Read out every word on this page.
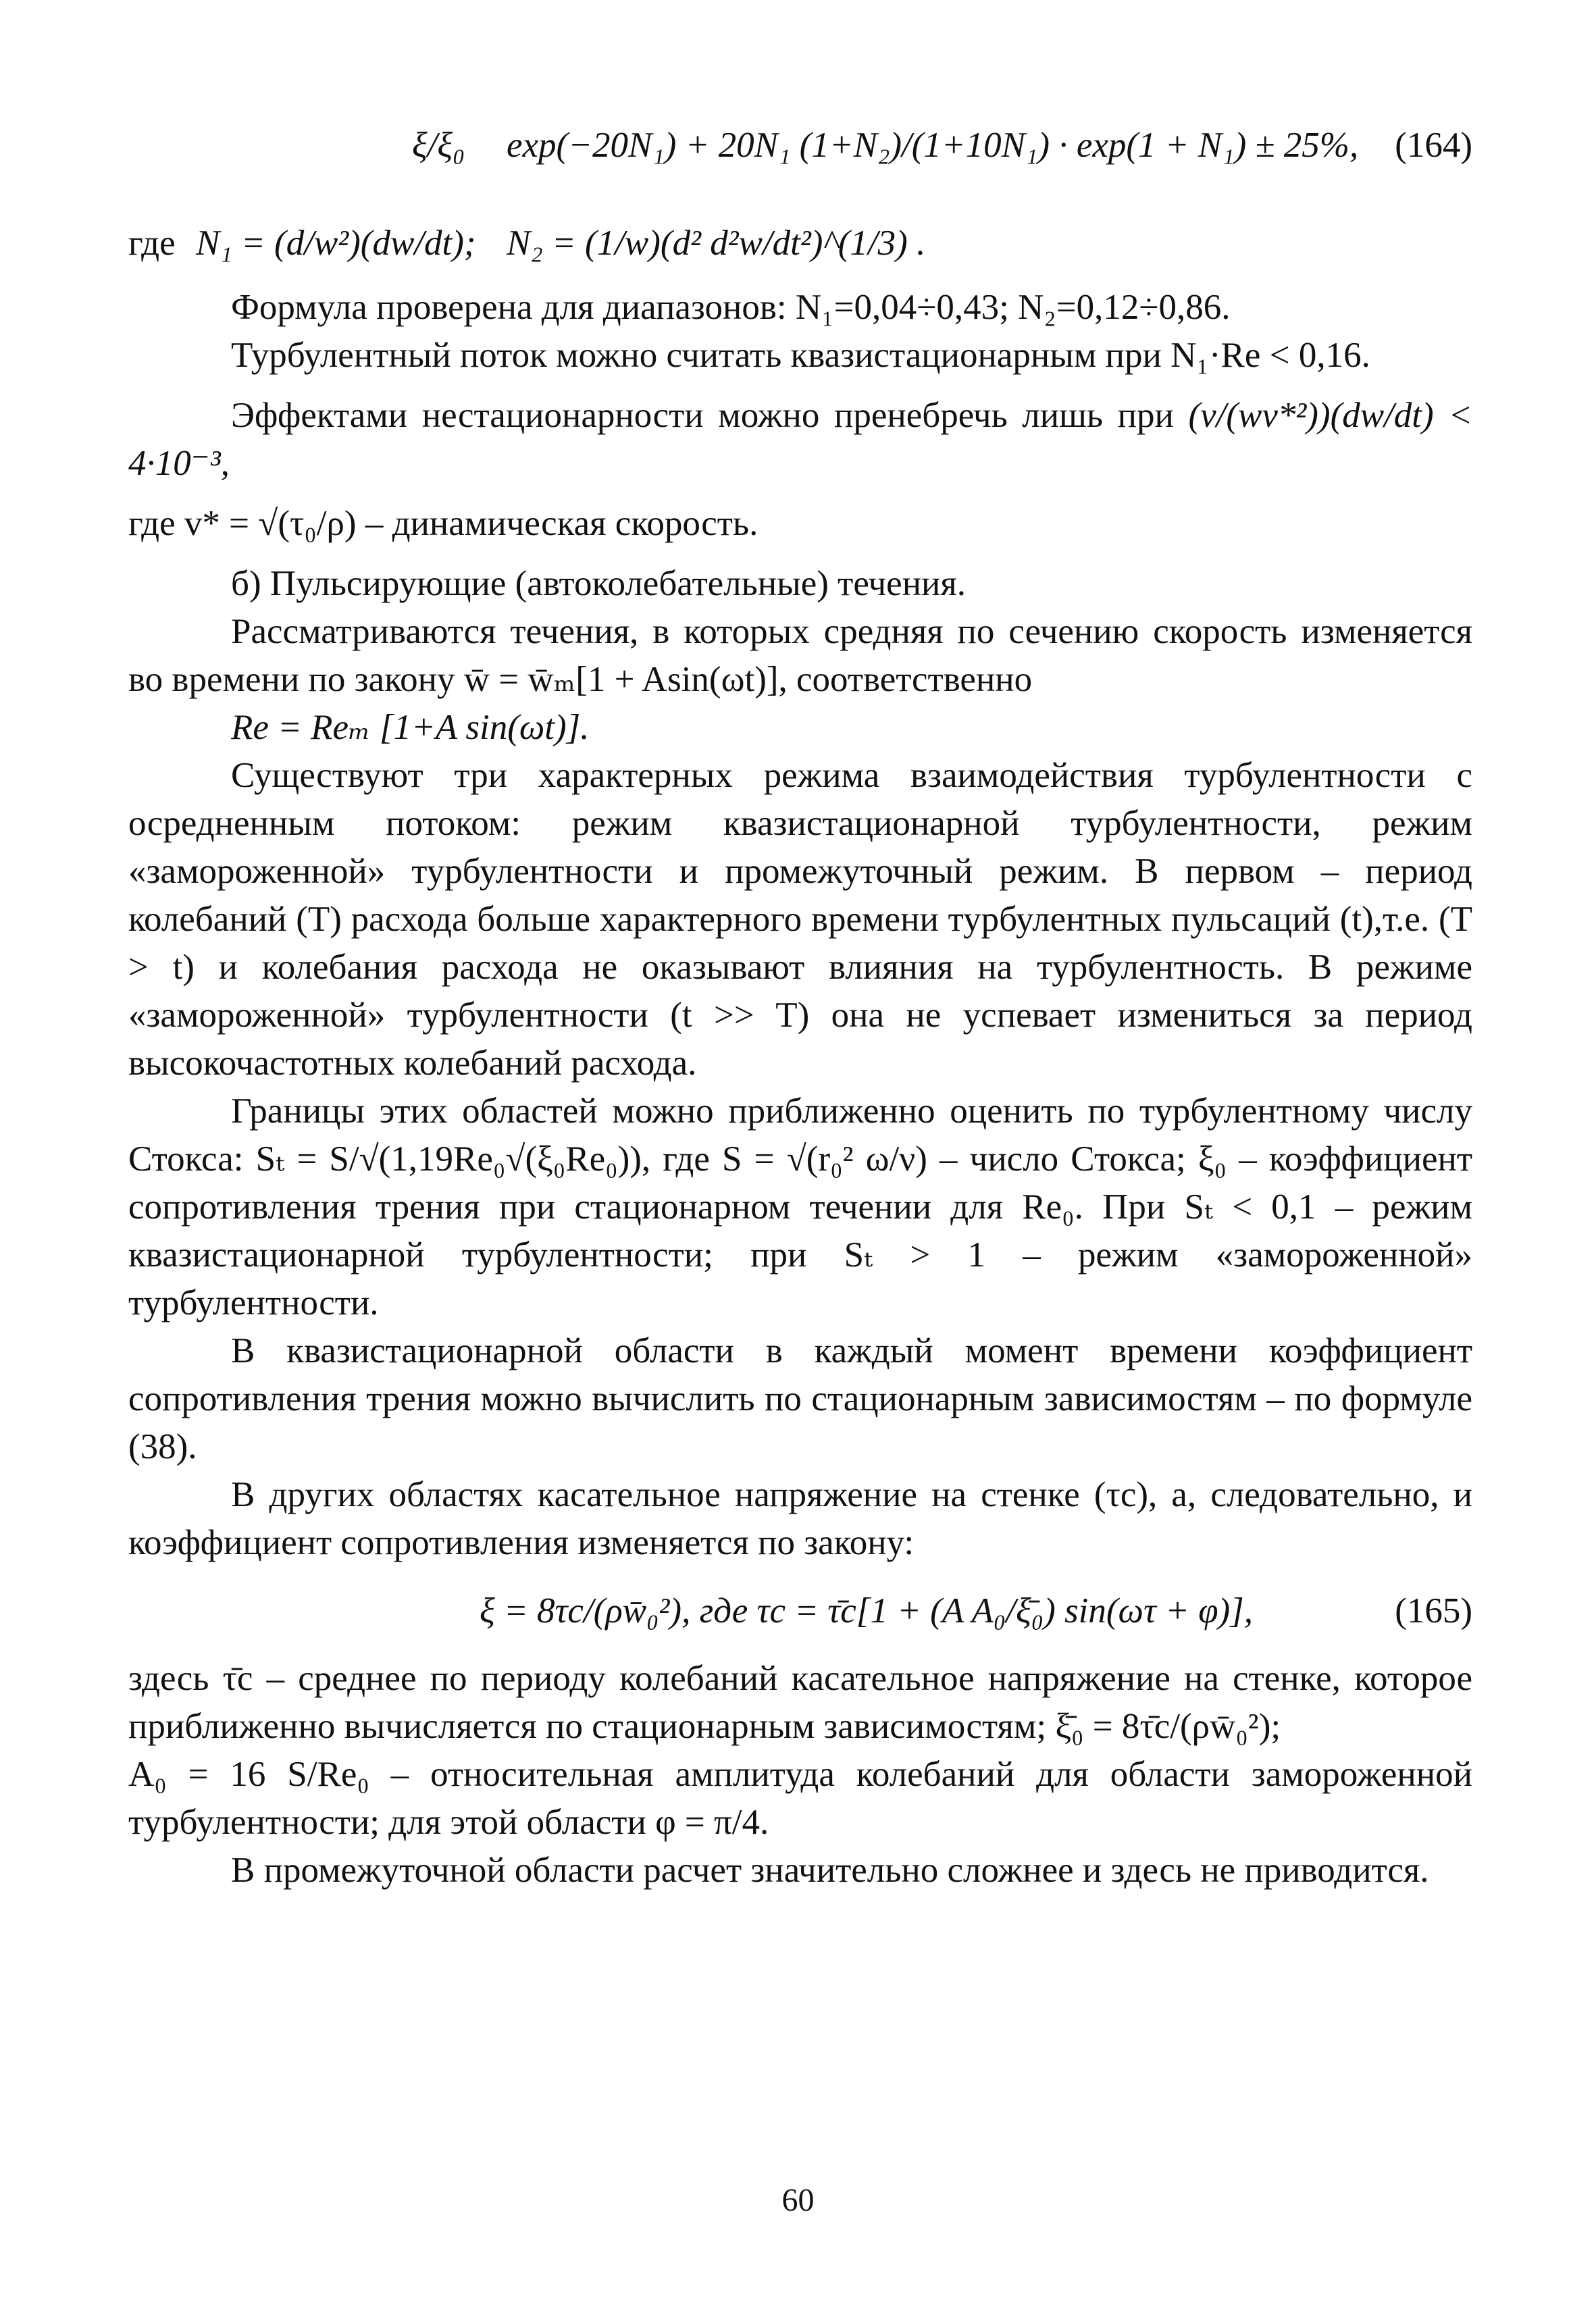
ξ/ξ₀ exp(−20N₁) + 20N₁ (1+N₂)/(1+10N₁) · exp(1 + N₁) ± 25%, (164)
где N₁ = (d/w²)(dw/dt); N₂ = (1/w)(d² d²w/dt²)^(1/3) .

Формула проверена для диапазонов: N₁=0,04÷0,43; N₂=0,12÷0,86.

Турбулентный поток можно считать квазистационарным при N₁·Re < 0,16.

Эффектами нестационарности можно пренебречь лишь при (ν/(wv*²))(dw/dt) < 4·10⁻³,

где v* = √(τ₀/ρ) – динамическая скорость.

б) Пульсирующие (автоколебательные) течения.

Рассматриваются течения, в которых средняя по сечению скорость изменяется во времени по закону w̄ = w̄ₘ[1 + Asin(ωt)], соответственно

Re = Reₘ [1+A sin(ωt)].

Существуют три характерных режима взаимодействия турбулентности с осредненным потоком: режим квазистационарной турбулентности, режим «замороженной» турбулентности и промежуточный режим. В первом – период колебаний (T) расхода больше характерного времени турбулентных пульсаций (t),т.е. (T > t) и колебания расхода не оказывают влияния на турбулентность. В режиме «замороженной» турбулентности (t >> T) она не успевает измениться за период высокочастотных колебаний расхода.

Границы этих областей можно приближенно оценить по турбулентному числу Стокса: Sₜ = S/√(1,19Re₀√(ξ₀Re₀)), где S = √(r₀² ω/ν) – число Стокса; ξ₀ – коэффициент сопротивления трения при стационарном течении для Re₀. При Sₜ < 0,1 – режим квазистационарной турбулентности; при Sₜ > 1 – режим «замороженной» турбулентности.

В квазистационарной области в каждый момент времени коэффициент сопротивления трения можно вычислить по стационарным зависимостям – по формуле (38).

В других областях касательное напряжение на стенке (τc), а, следовательно, и коэффициент сопротивления изменяется по закону:

ξ = 8τc/(ρw̄₀²), где τc = τ̄c[1 + (A A₀/ξ̄₀) sin(ωτ + φ)],	(165)

здесь τ̄c – среднее по периоду колебаний касательное напряжение на стенке, которое приближенно вычисляется по стационарным зависимостям; ξ̄₀ = 8τ̄c/(ρw̄₀²);

A₀ = 16 S/Re₀ – относительная амплитуда колебаний для области замороженной турбулентности; для этой области φ = π/4.

В промежуточной области расчет значительно сложнее и здесь не приводится.

60
